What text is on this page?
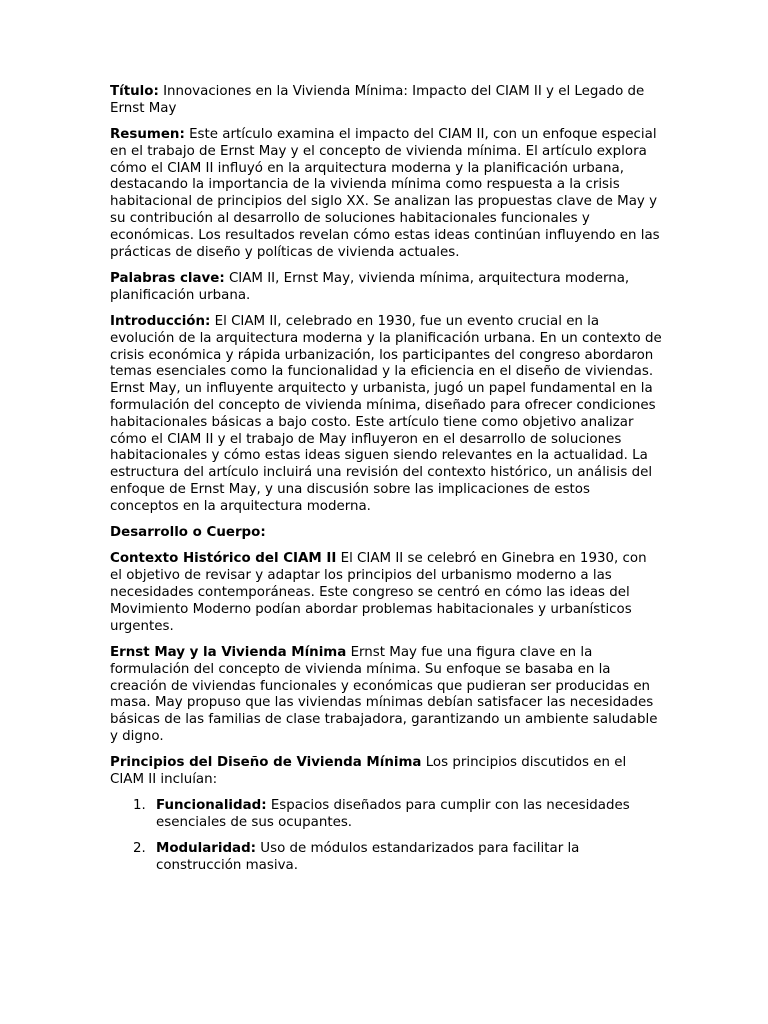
Título: Innovaciones en la Vivienda Mínima: Impacto del CIAM II y el Legado de Ernst May

Resumen: Este artículo examina el impacto del CIAM II, con un enfoque especial en el trabajo de Ernst May y el concepto de vivienda mínima. El artículo explora cómo el CIAM II influyó en la arquitectura moderna y la planificación urbana, destacando la importancia de la vivienda mínima como respuesta a la crisis habitacional de principios del siglo XX. Se analizan las propuestas clave de May y su contribución al desarrollo de soluciones habitacionales funcionales y económicas. Los resultados revelan cómo estas ideas continúan influyendo en las prácticas de diseño y políticas de vivienda actuales.

Palabras clave: CIAM II, Ernst May, vivienda mínima, arquitectura moderna, planificación urbana.

Introducción: El CIAM II, celebrado en 1930, fue un evento crucial en la evolución de la arquitectura moderna y la planificación urbana. En un contexto de crisis económica y rápida urbanización, los participantes del congreso abordaron temas esenciales como la funcionalidad y la eficiencia en el diseño de viviendas. Ernst May, un influyente arquitecto y urbanista, jugó un papel fundamental en la formulación del concepto de vivienda mínima, diseñado para ofrecer condiciones habitacionales básicas a bajo costo. Este artículo tiene como objetivo analizar cómo el CIAM II y el trabajo de May influyeron en el desarrollo de soluciones habitacionales y cómo estas ideas siguen siendo relevantes en la actualidad. La estructura del artículo incluirá una revisión del contexto histórico, un análisis del enfoque de Ernst May, y una discusión sobre las implicaciones de estos conceptos en la arquitectura moderna.

Desarrollo o Cuerpo:

Contexto Histórico del CIAM II El CIAM II se celebró en Ginebra en 1930, con el objetivo de revisar y adaptar los principios del urbanismo moderno a las necesidades contemporáneas. Este congreso se centró en cómo las ideas del Movimiento Moderno podían abordar problemas habitacionales y urbanísticos urgentes.

Ernst May y la Vivienda Mínima Ernst May fue una figura clave en la formulación del concepto de vivienda mínima. Su enfoque se basaba en la creación de viviendas funcionales y económicas que pudieran ser producidas en masa. May propuso que las viviendas mínimas debían satisfacer las necesidades básicas de las familias de clase trabajadora, garantizando un ambiente saludable y digno.

Principios del Diseño de Vivienda Mínima Los principios discutidos en el CIAM II incluían:

1. Funcionalidad: Espacios diseñados para cumplir con las necesidades esenciales de sus ocupantes.
2. Modularidad: Uso de módulos estandarizados para facilitar la construcción masiva.
